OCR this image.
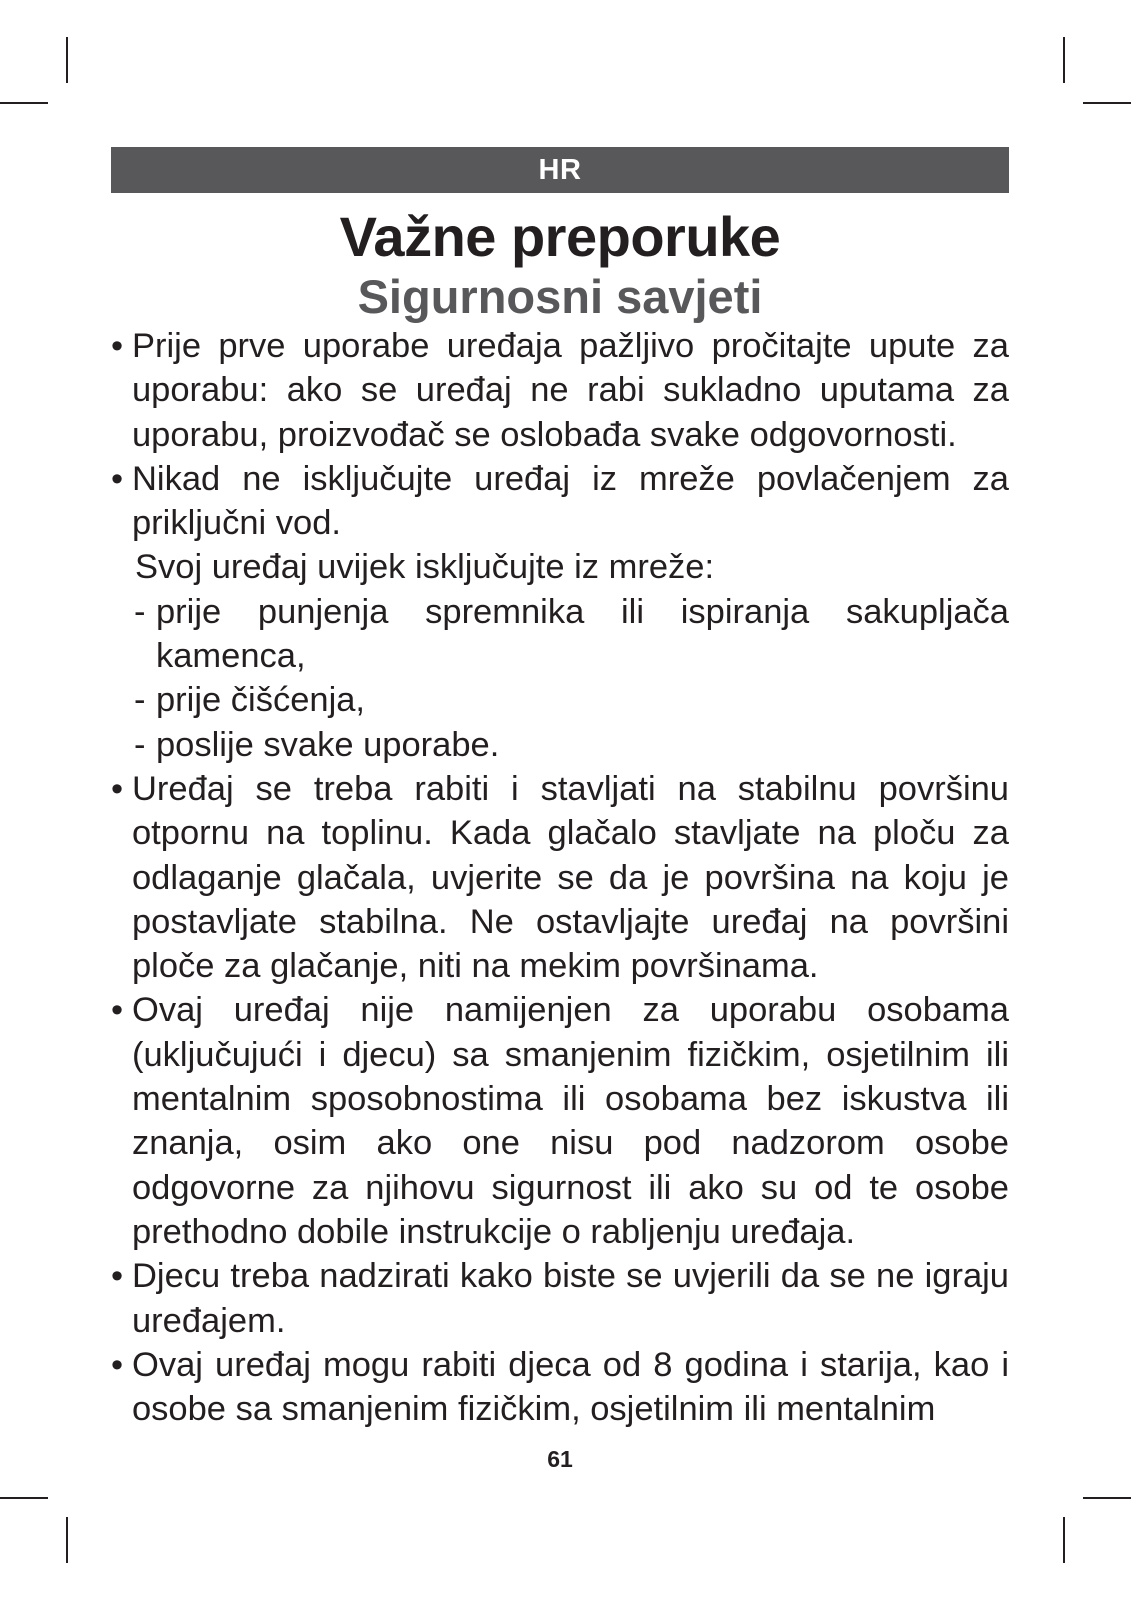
HR
Važne preporuke
Sigurnosni savjeti
• Prije prve uporabe uređaja pažljivo pročitajte upute za uporabu: ako se uređaj ne rabi sukladno uputama za uporabu, proizvođač se oslobađa svake odgovornosti.
• Nikad ne isključujte uređaj iz mreže povlačenjem za priključni vod.
Svoj uređaj uvijek isključujte iz mreže:
- prije punjenja spremnika ili ispiranja sakupljača kamenca,
- prije čišćenja,
- poslije svake uporabe.
• Uređaj se treba rabiti i stavljati na stabilnu površinu otpornu na toplinu. Kada glačalo stavljate na ploču za odlaganje glačala, uvjerite se da je površina na koju je postavljate stabilna. Ne ostavljajte uređaj na površini ploče za glačanje, niti na mekim površinama.
• Ovaj uređaj nije namijenjen za uporabu osobama (uključujući i djecu) sa smanjenim fizičkim, osjetilnim ili mentalnim sposobnostima ili osobama bez iskustva ili znanja, osim ako one nisu pod nadzorom osobe odgovorne za njihovu sigurnost ili ako su od te osobe prethodno dobile instrukcije o rabljenju uređaja.
• Djecu treba nadzirati kako biste se uvjerili da se ne igraju uređajem.
• Ovaj uređaj mogu rabiti djeca od 8 godina i starija, kao i osobe sa smanjenim fizičkim, osjetilnim ili mentalnim
61
